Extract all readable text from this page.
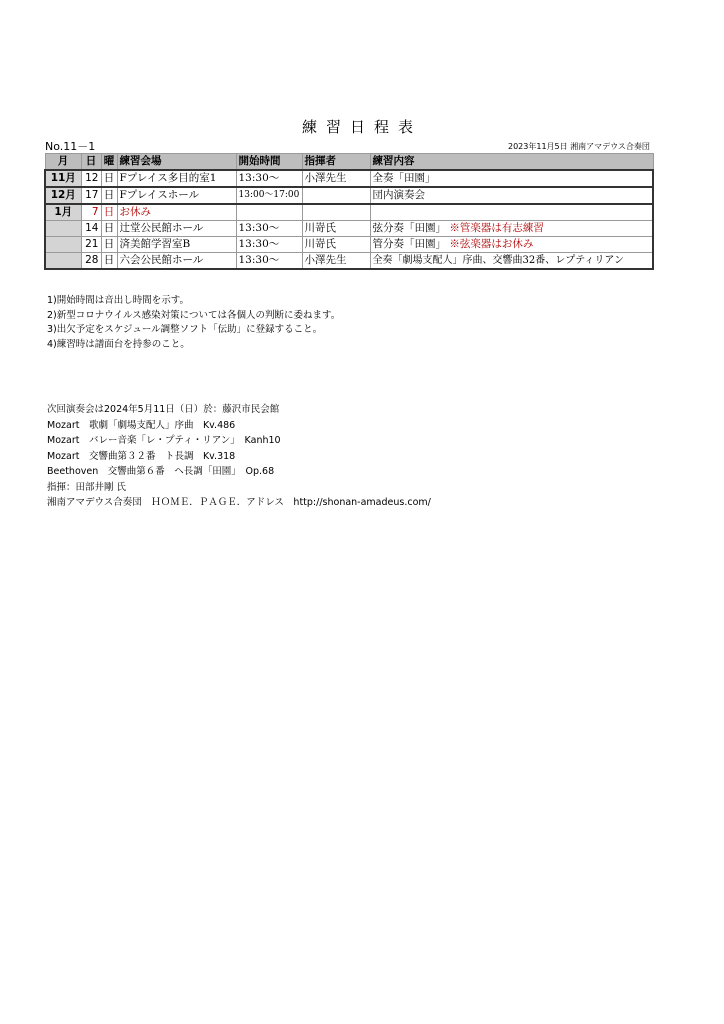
練習日程表
No.11－1	2023年11月5日 湘南アマデウス合奏団
月	日	曜	練習会場	開始時間	指揮者	練習内容
11月	12	日	Fプレイス多目的室1	13:30～	小澤先生	全奏「田園」
12月	17	日	Fプレイスホール	13:00～17:00		団内演奏会
1月	7	日	お休み			
	14	日	辻堂公民館ホール	13:30～	川嵜氏	弦分奏「田園」 ※管楽器は有志練習
	21	日	済美館学習室B	13:30～	川嵜氏	管分奏「田園」 ※弦楽器はお休み
	28	日	六会公民館ホール	13:30～	小澤先生	全奏「劇場支配人」序曲、交響曲32番、レプティリアン
1)開始時間は音出し時間を示す。
2)新型コロナウイルス感染対策については各個人の判断に委ねます。
3)出欠予定をスケジュール調整ソフト「伝助」に登録すること。
4)練習時は譜面台を持参のこと。
次回演奏会は2024年5月11日（日）於：藤沢市民会館
Mozart　歌劇「劇場支配人」序曲　Kv.486
Mozart　バレー音楽「レ・プティ・リアン」　Kanh10
Mozart　交響曲第３２番　ト長調　Kv.318
Beethoven　交響曲第６番　ヘ長調「田園」　Op.68
指揮：田部井剛 氏
湘南アマデウス合奏団　ＨＯＭＥ．ＰＡＧＥ．アドレス　http://shonan-amadeus.com/
